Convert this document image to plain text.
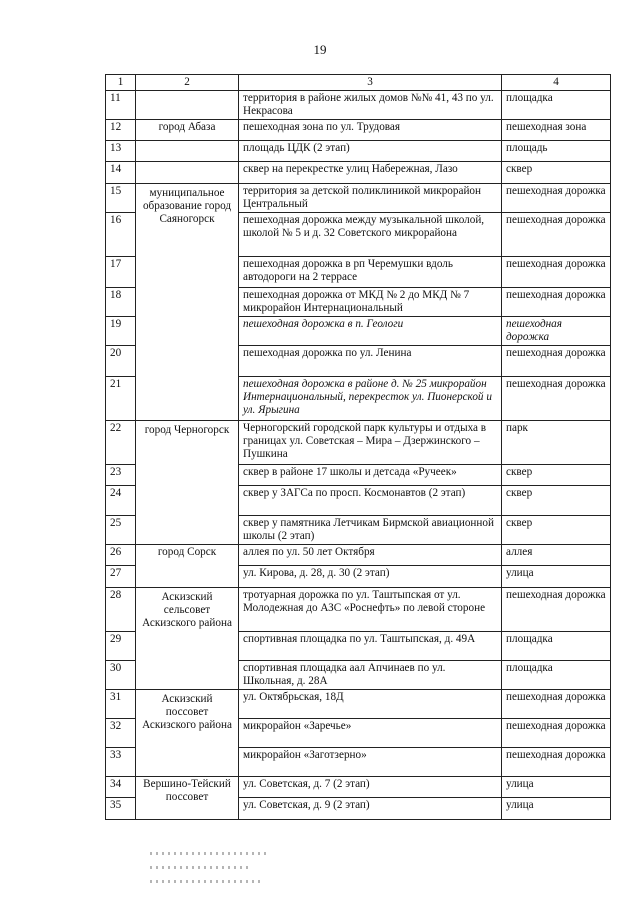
19
1	2	3	4
11		территория в районе жилых домов №№ 41, 43 по ул. Некрасова	площадка
12	город Абаза	пешеходная зона по ул. Трудовая	пешеходная зона
13		площадь ЦДК (2 этап)	площадь
14		сквер на перекрестке улиц Набережная, Лазо	сквер
15	муниципальное образование город Саяногорск	территория за детской поликлиникой микрорайон Центральный	пешеходная дорожка
16		пешеходная дорожка между музыкальной школой, школой № 5 и д. 32 Советского микрорайона	пешеходная дорожка
17		пешеходная дорожка в рп Черемушки вдоль автодороги на 2 террасе	пешеходная дорожка
18		пешеходная дорожка от МКД № 2 до МКД № 7 микрорайон Интернациональный	пешеходная дорожка
19		пешеходная дорожка в п. Геологи	пешеходная дорожка
20		пешеходная дорожка по ул. Ленина	пешеходная дорожка
21		пешеходная дорожка в районе д. № 25 микрорайон Интернациональный, перекресток ул. Пионерской и ул. Ярыгина	пешеходная дорожка
22	город Черногорск	Черногорский городской парк культуры и отдыха в границах ул. Советская – Мира – Дзержинского – Пушкина	парк
23		сквер в районе 17 школы и детсада «Ручеек»	сквер
24		сквер у ЗАГСа по просп. Космонавтов (2 этап)	сквер
25		сквер у памятника Летчикам Бирмской авиационной школы (2 этап)	сквер
26	город Сорск	аллея по ул. 50 лет Октября	аллея
27		ул. Кирова, д. 28, д. 30 (2 этап)	улица
28	Аскизский сельсовет Аскизского района	тротуарная дорожка по ул. Таштыпская от ул. Молодежная до АЗС «Роснефть» по левой стороне	пешеходная дорожка
29		спортивная площадка по ул. Таштыпская, д. 49А	площадка
30		спортивная площадка аал Апчинаев по ул. Школьная, д. 28А	площадка
31	Аскизский поссовет Аскизского района	ул. Октябрьская, 18Д	пешеходная дорожка
32		микрорайон «Заречье»	пешеходная дорожка
33		микрорайон «Заготзерно»	пешеходная дорожка
34	Вершино-Тейский поссовет	ул. Советская, д. 7 (2 этап)	улица
35		ул. Советская, д. 9 (2 этап)	улица
